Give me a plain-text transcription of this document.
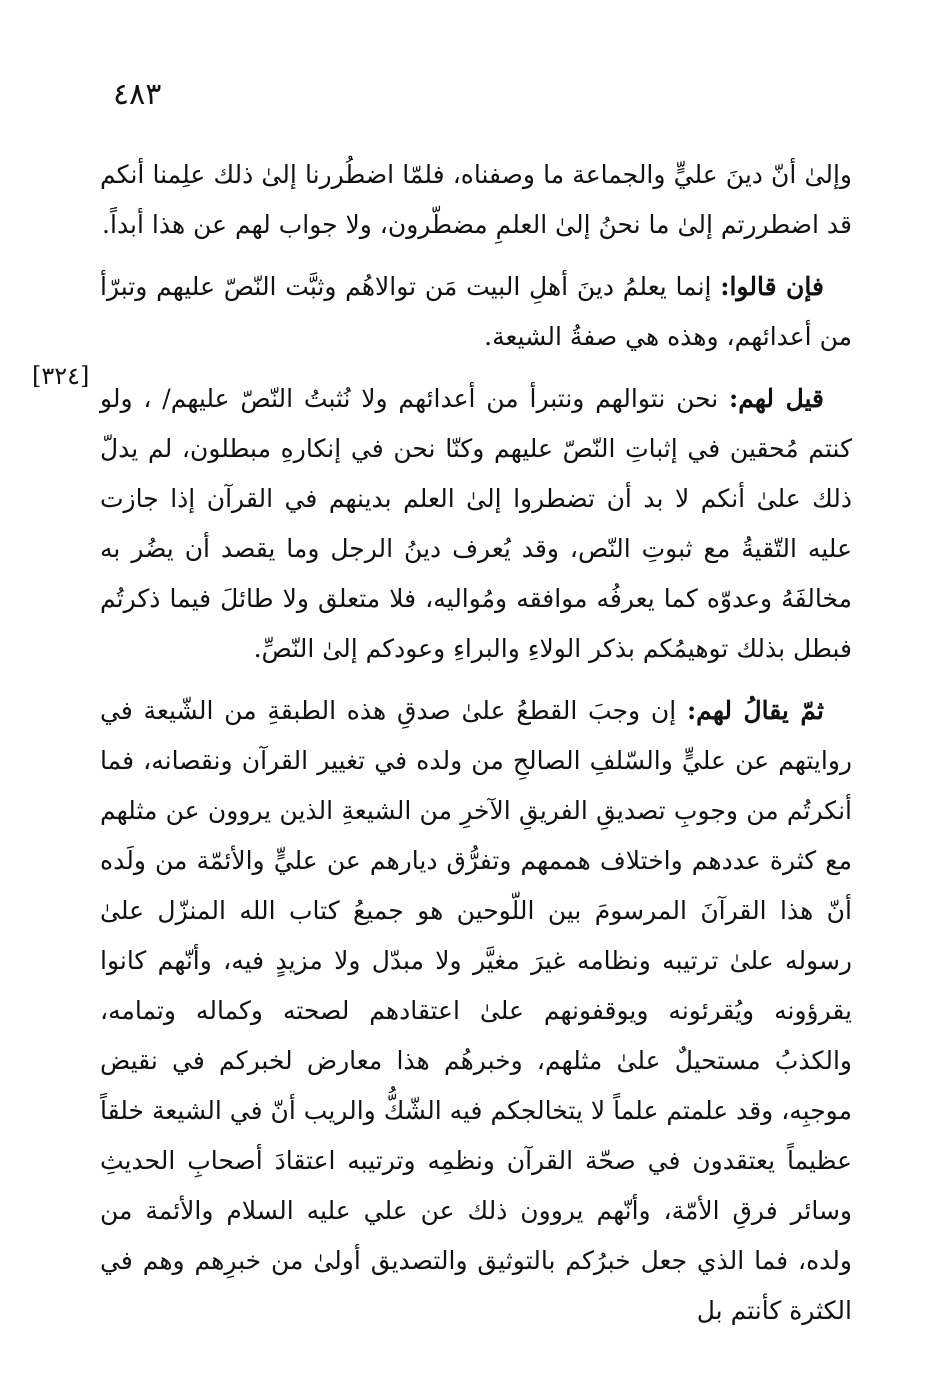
٤٨٣
[٣٢٤]

وإلىٰ أنّ دينَ عليٍّ والجماعة ما وصفناه، فلمّا اضطُررنا إلىٰ ذلك علِمنا أنكم قد اضطررتم إلىٰ ما نحنُ إلىٰ العلمِ مضطّرون، ولا جواب لهم عن هذا أبداً.

فإن قالوا: إنما يعلمُ دينَ أهلِ البيت مَن توالاهُم وثبَّت النّصّ عليهم وتبرّأ من أعدائهم، وهذه هي صفةُ الشيعة.

قيل لهم: نحن نتوالهم ونتبرأ من أعدائهم ولا نُثبتُ النّصّ عليهم/ ، ولو كنتم مُحقين في إثباتِ النّصّ عليهم وكنّا نحن في إنكارهِ مبطلون، لم يدلّ ذلك علىٰ أنكم لا بد أن تضطروا إلىٰ العلم بدينهم في القرآن إذا جازت عليه التّقيةُ مع ثبوتِ النّص، وقد يُعرف دينُ الرجل وما يقصد أن يضُر به مخالفَهُ وعدوّه كما يعرفُه موافقه ومُواليه، فلا متعلق ولا طائلَ فيما ذكرتُم فبطل بذلك توهيمُكم بذكر الولاءِ والبراءِ وعودكم إلىٰ النّصِّ.

ثمّ يقالُ لهم: إن وجبَ القطعُ علىٰ صدقِ هذه الطبقةِ من الشّيعة في روايتهم عن عليٍّ والسّلفِ الصالحِ من ولده في تغيير القرآن ونقصانه، فما أنكرتُم من وجوبِ تصديقِ الفريقِ الآخرِ من الشيعةِ الذين يروون عن مثلهم مع كثرة عددهم واختلاف هممهم وتفرُّق ديارهم عن عليٍّ والأئمّة من ولَده أنّ هذا القرآنَ المرسومَ بين اللّوحين هو جميعُ كتاب الله المنزّل علىٰ رسوله علىٰ ترتيبه ونظامه غيرَ مغيَّر ولا مبدّل ولا مزيدٍ فيه، وأنّهم كانوا يقرؤونه ويُقرئونه ويوقفونهم علىٰ اعتقادهم لصحته وكماله وتمامه، والكذبُ مستحيلٌ علىٰ مثلهم، وخبرهُم هذا معارض لخبركم في نقيض موجبِه، وقد علمتم علماً لا يتخالجكم فيه الشّكُّ والريب أنّ في الشيعة خلقاً عظيماً يعتقدون في صحّة القرآن ونظمِه وترتيبه اعتقادَ أصحابِ الحديثِ وسائر فرقِ الأمّة، وأنّهم يروون ذلك عن علي عليه السلام والأئمة من ولده، فما الذي جعل خبرُكم بالتوثيق والتصديق أولىٰ من خبرِهم وهم في الكثرة كأنتم بل
